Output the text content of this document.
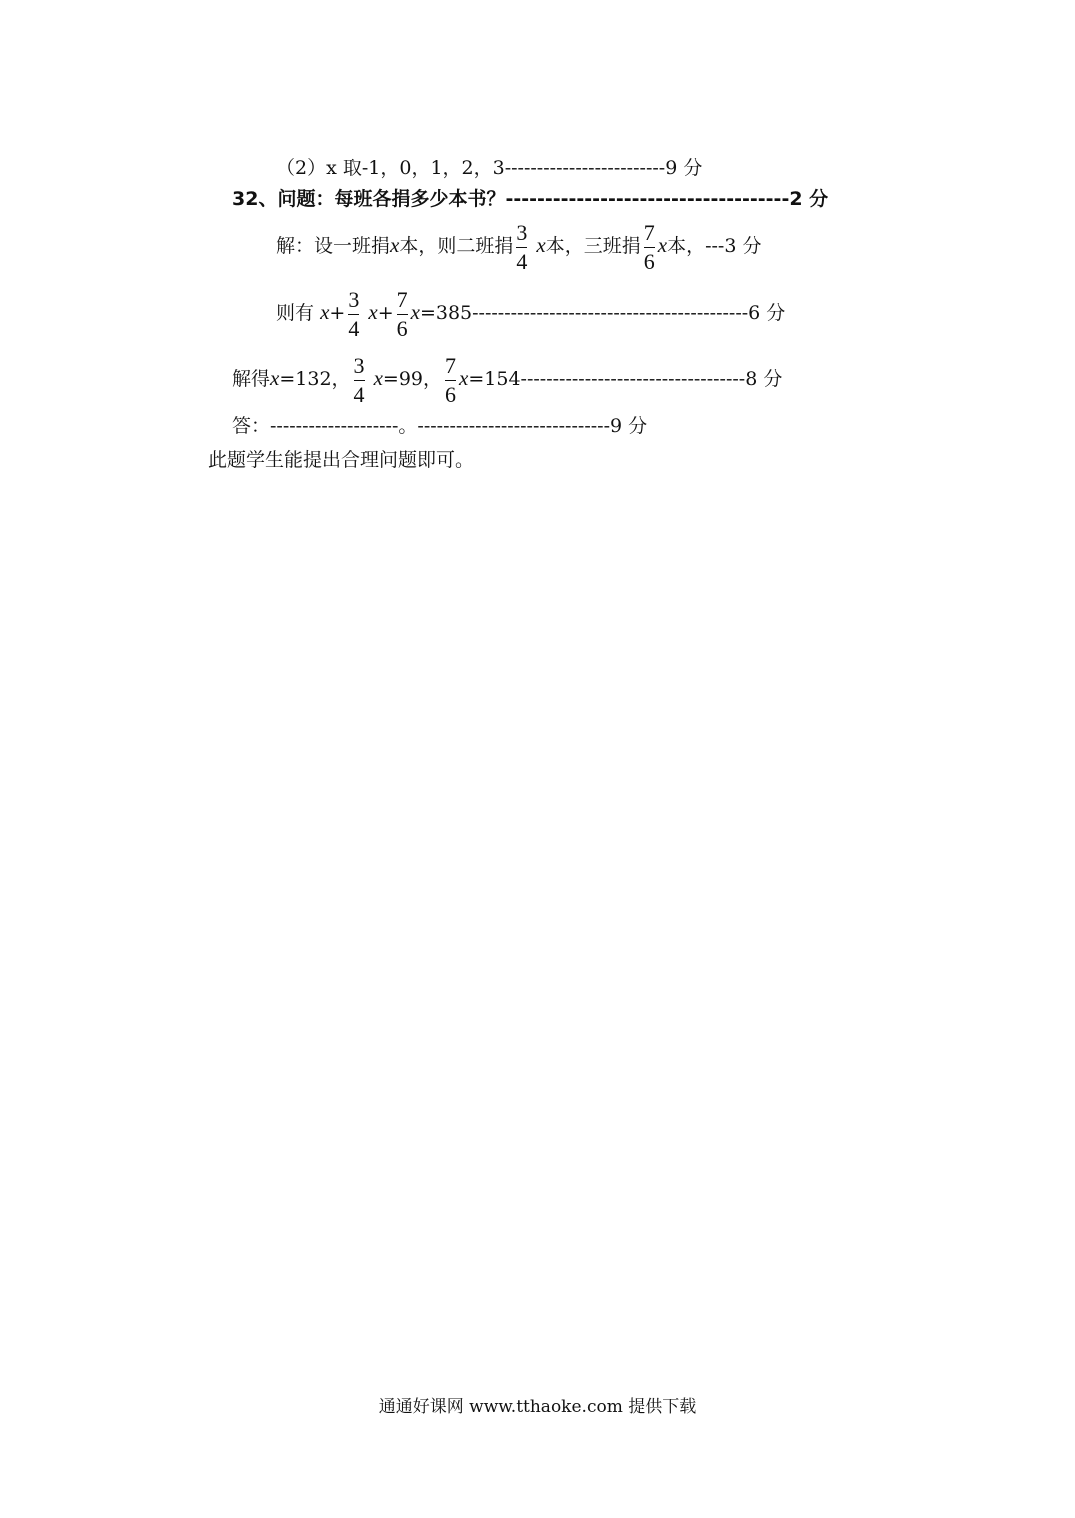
（2）x 取-1，0，1，2，3-------------------------9 分
32、问题：每班各捐多少本书？------------------------------------2 分
解：设一班捐x本，则二班捐 $\frac{3}{4}$ x本，三班捐 $\frac{7}{6}$ x本，---3 分
则有 $x+ \frac{3}{4} x+ \frac{7}{6} x=385-------------------------------------------6$ 分
解得x=132， $\frac{3}{4} x=99$， $\frac{7}{6} x=154-----------------------------------8$ 分
答：--------------------。------------------------------9 分
此题学生能提出合理问题即可。
通通好课网 www.tthaoke.com 提供下载
